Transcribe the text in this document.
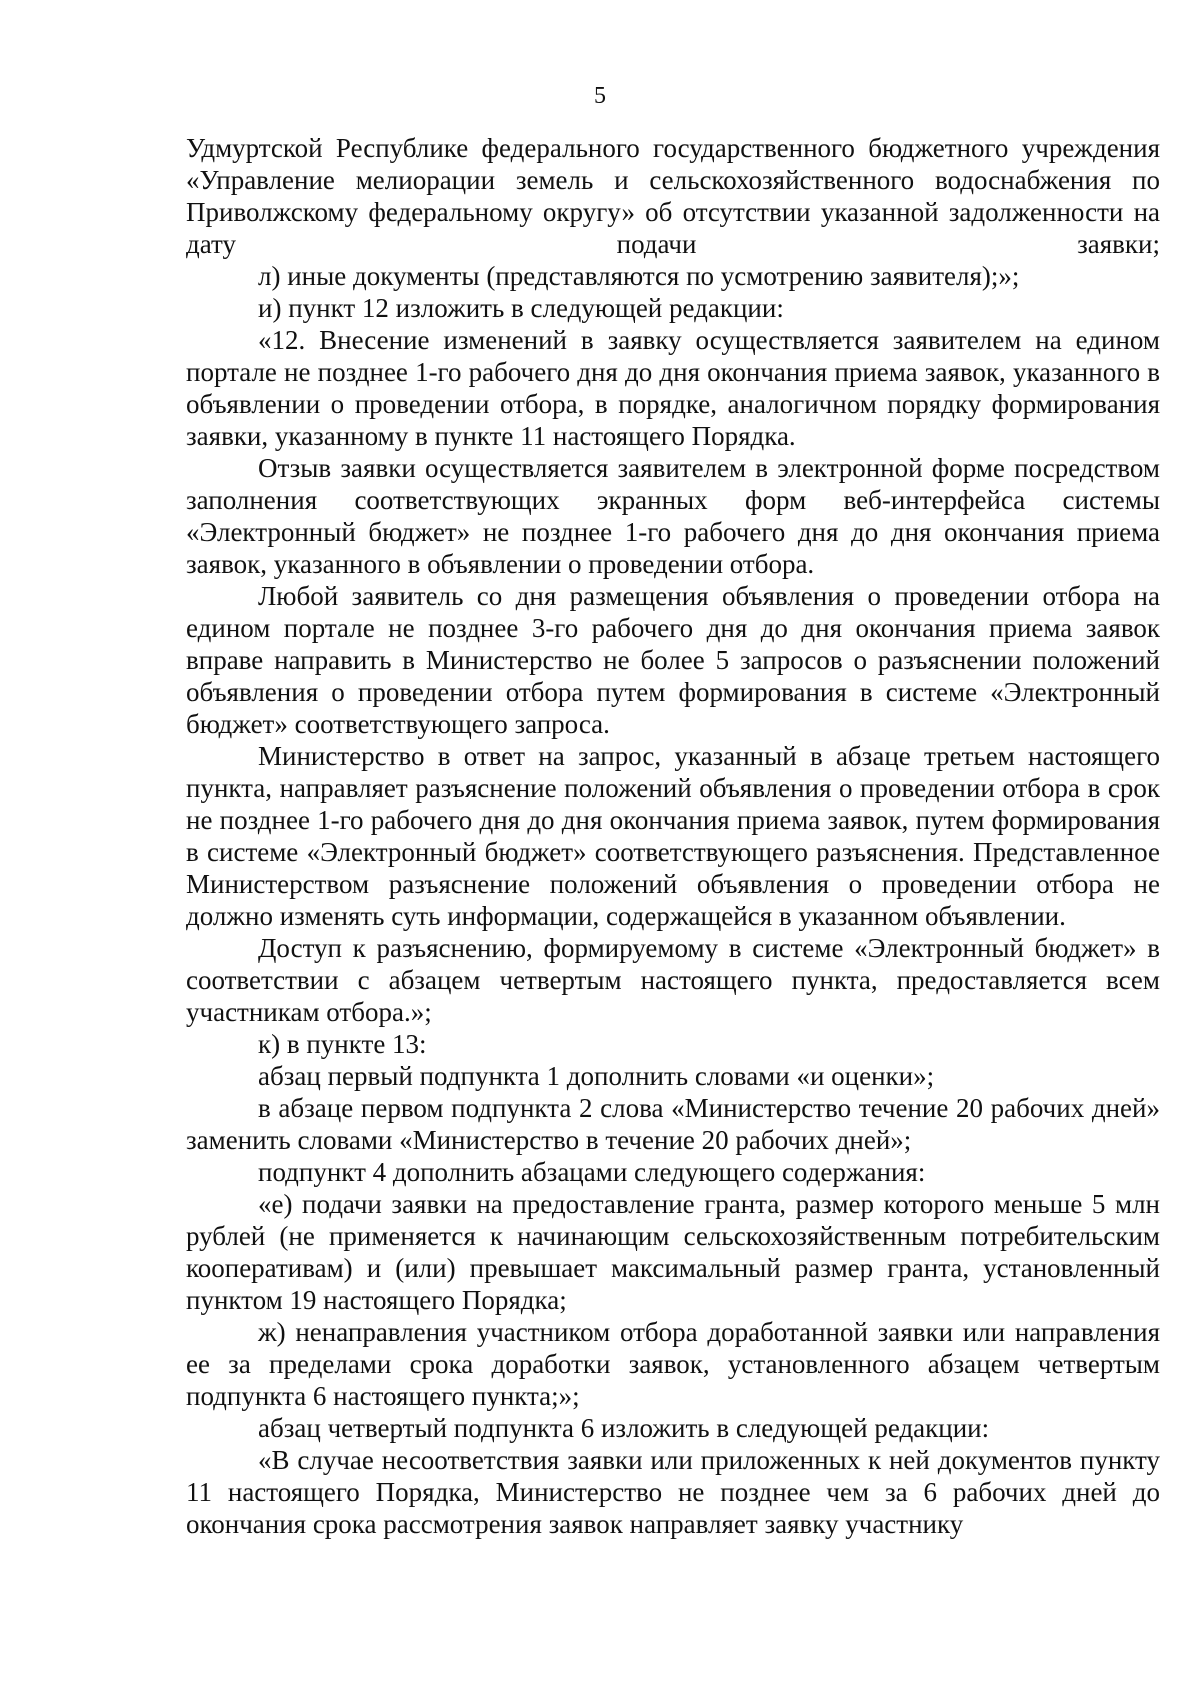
5

Удмуртской Республике федерального государственного бюджетного учреждения «Управление мелиорации земель и сельскохозяйственного водоснабжения по Приволжскому федеральному округу» об отсутствии указанной задолженности на дату подачи заявки;

л) иные документы (представляются по усмотрению заявителя);»;

и) пункт 12 изложить в следующей редакции:

«12. Внесение изменений в заявку осуществляется заявителем на едином портале не позднее 1-го рабочего дня до дня окончания приема заявок, указанного в объявлении о проведении отбора, в порядке, аналогичном порядку формирования заявки, указанному в пункте 11 настоящего Порядка.

Отзыв заявки осуществляется заявителем в электронной форме посредством заполнения соответствующих экранных форм веб-интерфейса системы «Электронный бюджет» не позднее 1-го рабочего дня до дня окончания приема заявок, указанного в объявлении о проведении отбора.

Любой заявитель со дня размещения объявления о проведении отбора на едином портале не позднее 3-го рабочего дня до дня окончания приема заявок вправе направить в Министерство не более 5 запросов о разъяснении положений объявления о проведении отбора путем формирования в системе «Электронный бюджет» соответствующего запроса.

Министерство в ответ на запрос, указанный в абзаце третьем настоящего пункта, направляет разъяснение положений объявления о проведении отбора в срок не позднее 1-го рабочего дня до дня окончания приема заявок, путем формирования в системе «Электронный бюджет» соответствующего разъяснения. Представленное Министерством разъяснение положений объявления о проведении отбора не должно изменять суть информации, содержащейся в указанном объявлении.

Доступ к разъяснению, формируемому в системе «Электронный бюджет» в соответствии с абзацем четвертым настоящего пункта, предоставляется всем участникам отбора.»;

к) в пункте 13:

абзац первый подпункта 1 дополнить словами «и оценки»;

в абзаце первом подпункта 2 слова «Министерство течение 20 рабочих дней» заменить словами «Министерство в течение 20 рабочих дней»;

подпункт 4 дополнить абзацами следующего содержания:

«е) подачи заявки на предоставление гранта, размер которого меньше 5 млн рублей (не применяется к начинающим сельскохозяйственным потребительским кооперативам) и (или) превышает максимальный размер гранта, установленный пунктом 19 настоящего Порядка;

ж) ненаправления участником отбора доработанной заявки или направления ее за пределами срока доработки заявок, установленного абзацем четвертым подпункта 6 настоящего пункта;»;

абзац четвертый подпункта 6 изложить в следующей редакции:

«В случае несоответствия заявки или приложенных к ней документов пункту 11 настоящего Порядка, Министерство не позднее чем за 6 рабочих дней до окончания срока рассмотрения заявок направляет заявку участнику
